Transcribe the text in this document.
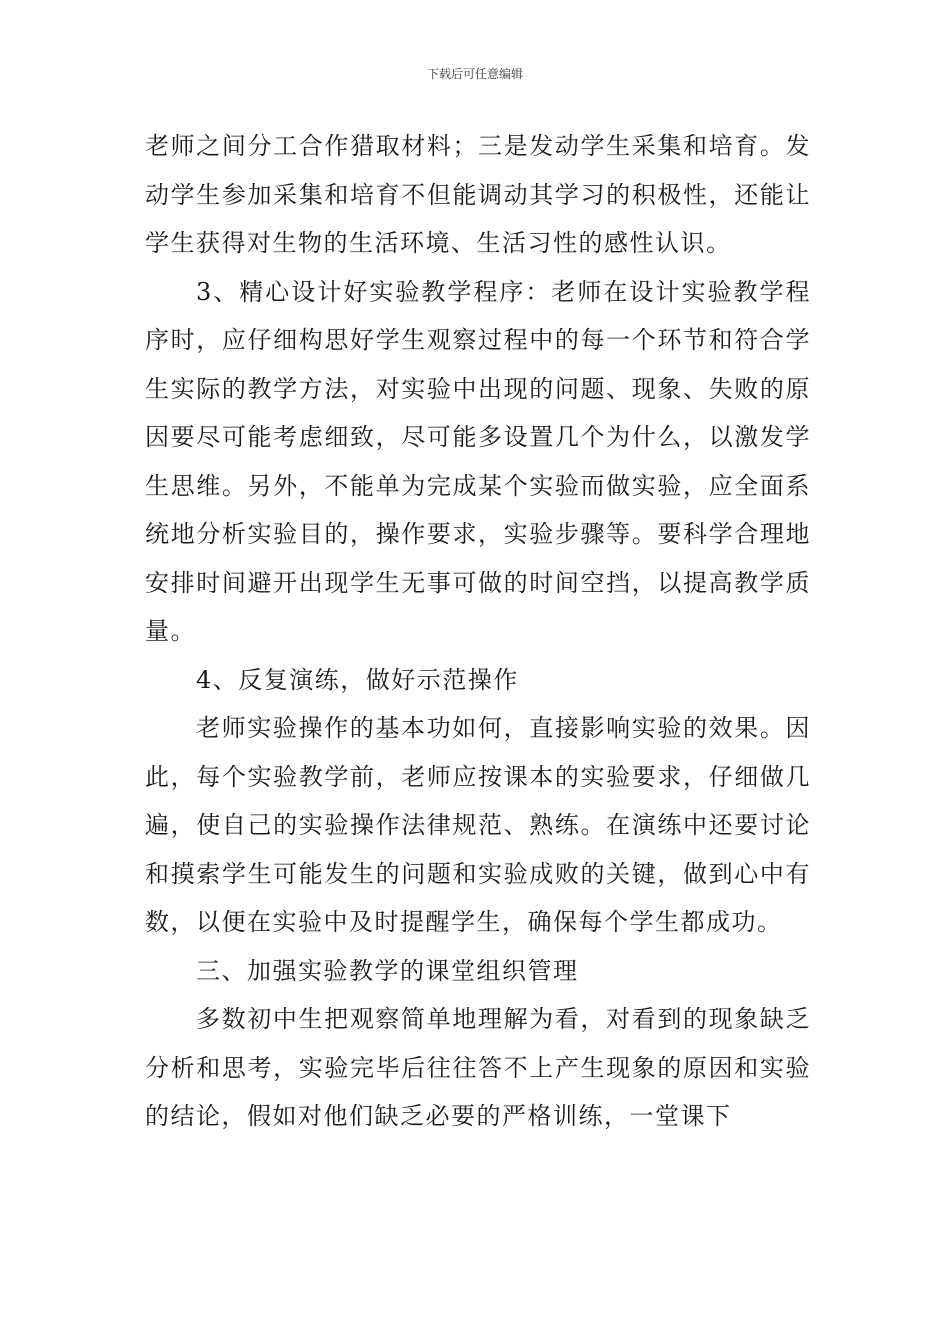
下载后可任意编辑

老师之间分工合作猎取材料；三是发动学生采集和培育。发动学生参加采集和培育不但能调动其学习的积极性，还能让学生获得对生物的生活环境、生活习性的感性认识。

3、精心设计好实验教学程序：老师在设计实验教学程序时，应仔细构思好学生观察过程中的每一个环节和符合学生实际的教学方法，对实验中出现的问题、现象、失败的原因要尽可能考虑细致，尽可能多设置几个为什么，以激发学生思维。另外，不能单为完成某个实验而做实验，应全面系统地分析实验目的，操作要求，实验步骤等。要科学合理地安排时间避开出现学生无事可做的时间空挡，以提高教学质量。

4、反复演练，做好示范操作

老师实验操作的基本功如何，直接影响实验的效果。因此，每个实验教学前，老师应按课本的实验要求，仔细做几遍，使自己的实验操作法律规范、熟练。在演练中还要讨论和摸索学生可能发生的问题和实验成败的关键，做到心中有数，以便在实验中及时提醒学生，确保每个学生都成功。

三、加强实验教学的课堂组织管理

多数初中生把观察简单地理解为看，对看到的现象缺乏分析和思考，实验完毕后往往答不上产生现象的原因和实验的结论，假如对他们缺乏必要的严格训练，一堂课下
